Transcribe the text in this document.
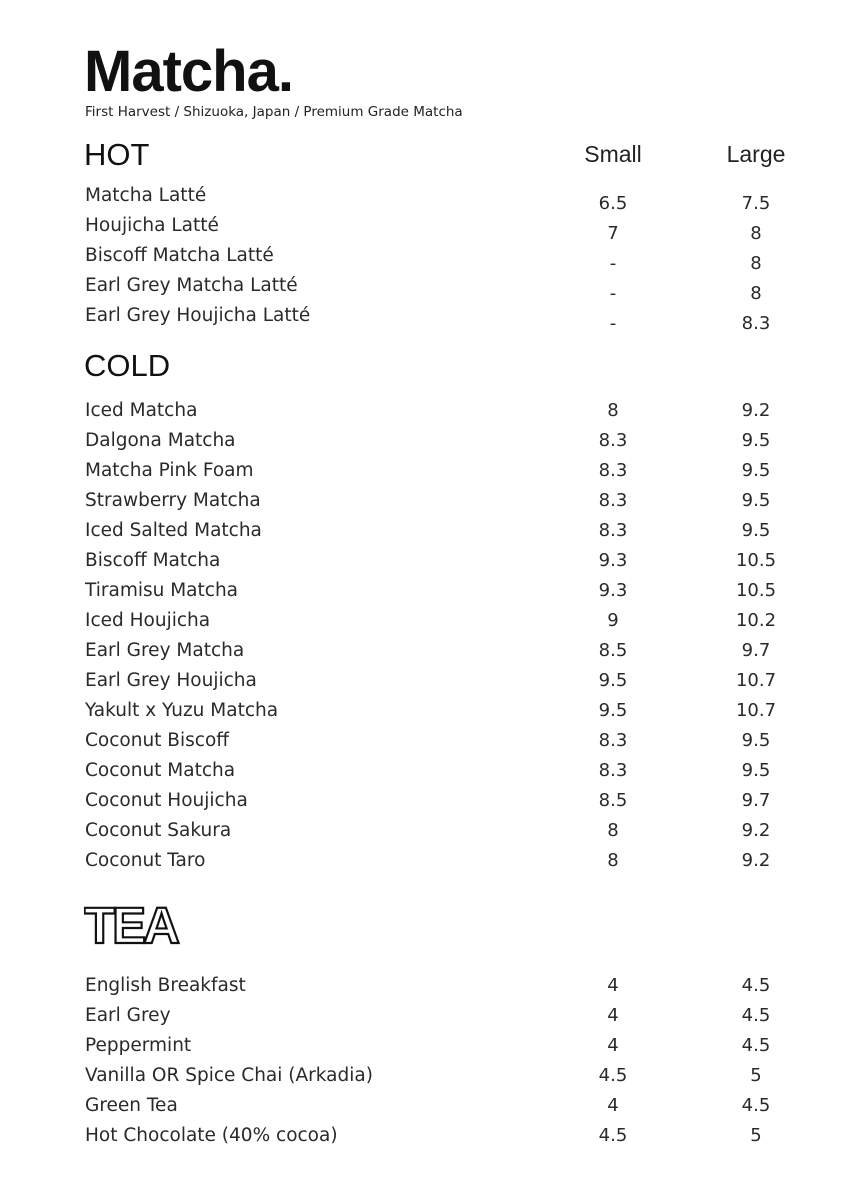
Matcha.
First Harvest / Shizuoka, Japan / Premium Grade Matcha
HOT	Small	Large
Matcha Latté	6.5	7.5
Houjicha Latté	7	8
Biscoff Matcha Latté	-	8
Earl Grey Matcha Latté	-	8
Earl Grey Houjicha Latté	-	8.3
COLD
Iced Matcha	8	9.2
Dalgona Matcha	8.3	9.5
Matcha Pink Foam	8.3	9.5
Strawberry Matcha	8.3	9.5
Iced Salted Matcha	8.3	9.5
Biscoff Matcha	9.3	10.5
Tiramisu Matcha	9.3	10.5
Iced Houjicha	9	10.2
Earl Grey Matcha	8.5	9.7
Earl Grey Houjicha	9.5	10.7
Yakult x Yuzu Matcha	9.5	10.7
Coconut Biscoff	8.3	9.5
Coconut Matcha	8.3	9.5
Coconut Houjicha	8.5	9.7
Coconut Sakura	8	9.2
Coconut Taro	8	9.2
TEA
English Breakfast	4	4.5
Earl Grey	4	4.5
Peppermint	4	4.5
Vanilla OR Spice Chai (Arkadia)	4.5	5
Green Tea	4	4.5
Hot Chocolate (40% cocoa)	4.5	5
